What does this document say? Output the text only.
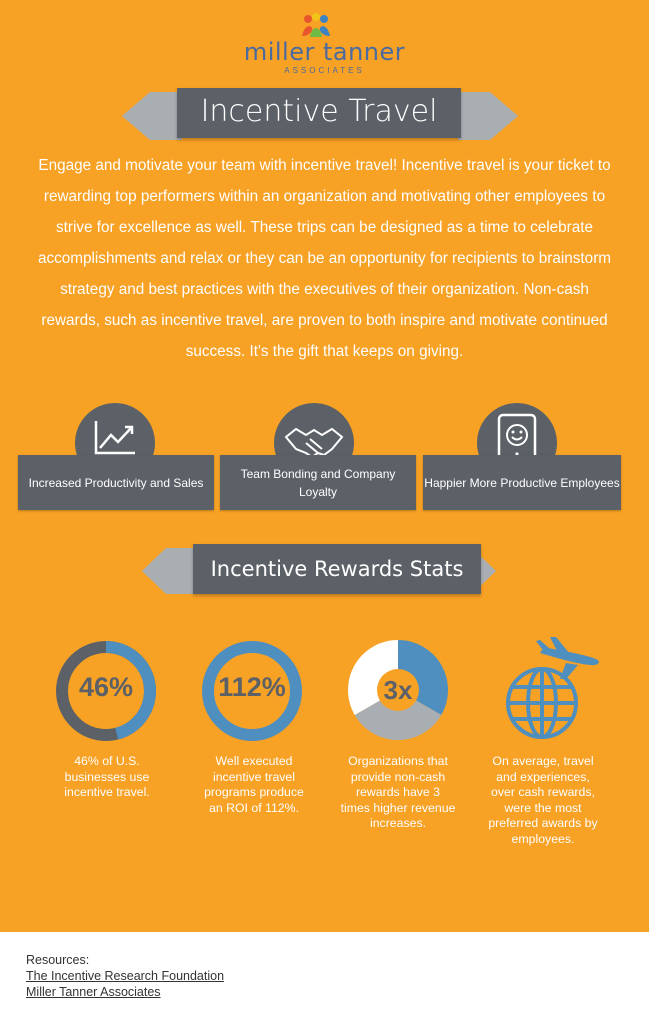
miller tanner
ASSOCIATES
Incentive Travel
Engage and motivate your team with incentive travel! Incentive travel is your ticket to rewarding top performers within an organization and motivating other employees to strive for excellence as well. These trips can be designed as a time to celebrate accomplishments and relax or they can be an opportunity for recipients to brainstorm strategy and best practices with the executives of their organization. Non-cash rewards, such as incentive travel, are proven to both inspire and motivate continued success. It's the gift that keeps on giving.
Increased Productivity and Sales
Team Bonding and Company Loyalty
Happier More Productive Employees
Incentive Rewards Stats
46%
46% of U.S. businesses use incentive travel.
112%
Well executed incentive travel programs produce an ROI of 112%.
3x
Organizations that provide non-cash rewards have 3 times higher revenue increases.
On average, travel and experiences, over cash rewards, were the most preferred awards by employees.
Resources:
The Incentive Research Foundation
Miller Tanner Associates
